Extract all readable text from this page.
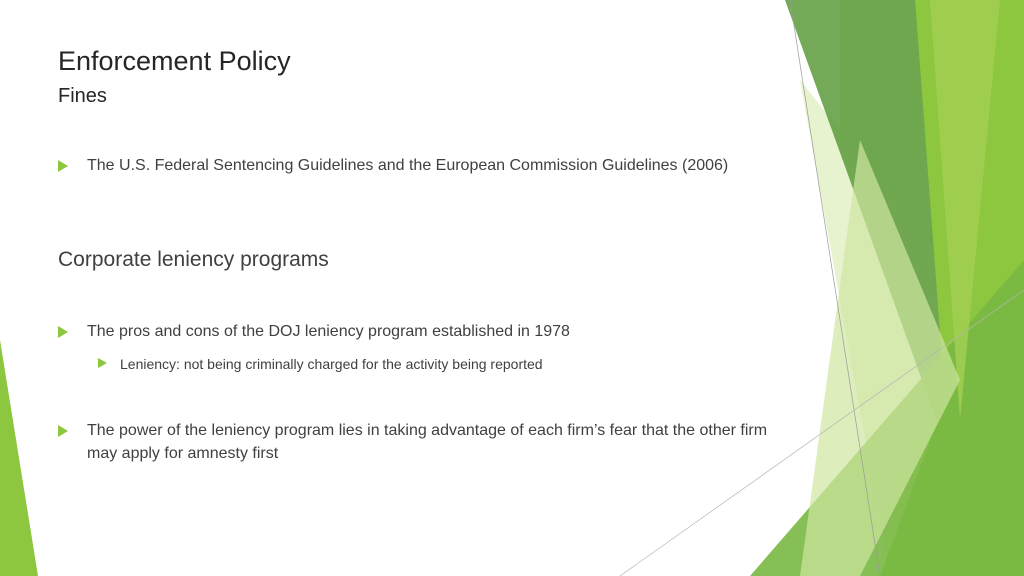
Enforcement Policy
Fines
The U.S. Federal Sentencing Guidelines and the European Commission Guidelines (2006)
Corporate leniency programs
The pros and cons of the DOJ leniency program established in 1978
Leniency: not being criminally charged for the activity being reported
The power of the leniency program lies in taking advantage of each firm’s fear that the other firm may apply for amnesty first
